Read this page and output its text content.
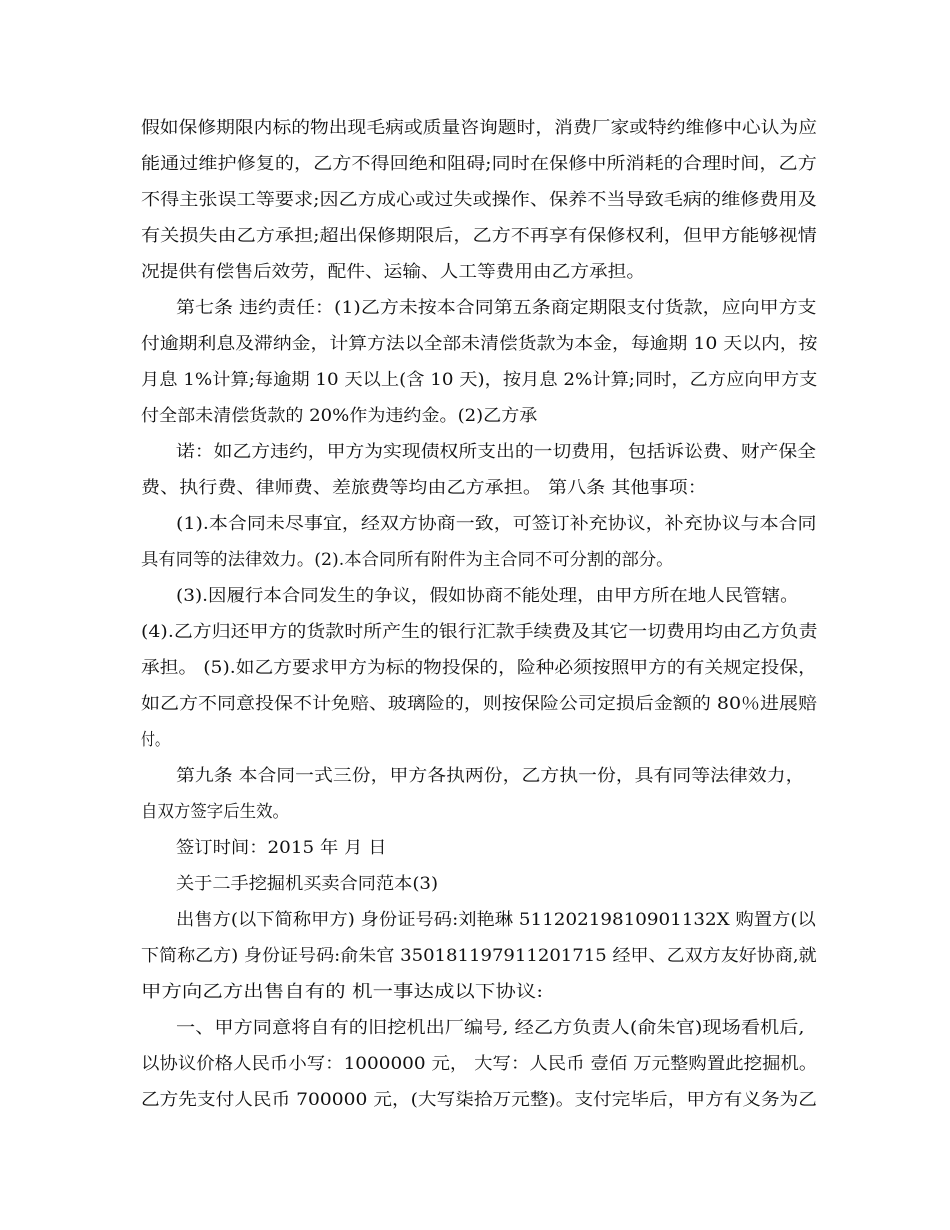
假如保修期限内标的物出现毛病或质量咨询题时，消费厂家或特约维修中心认为应
能通过维护修复的，乙方不得回绝和阻碍;同时在保修中所消耗的合理时间，乙方
不得主张误工等要求;因乙方成心或过失或操作、保养不当导致毛病的维修费用及
有关损失由乙方承担;超出保修期限后，乙方不再享有保修权利，但甲方能够视情
况提供有偿售后效劳，配件、运输、人工等费用由乙方承担。
第七条 违约责任：(1)乙方未按本合同第五条商定期限支付货款，应向甲方支
付逾期利息及滞纳金，计算方法以全部未清偿货款为本金，每逾期 10 天以内，按
月息 1%计算;每逾期 10 天以上(含 10 天)，按月息 2%计算;同时，乙方应向甲方支
付全部未清偿货款的 20%作为违约金。(2)乙方承
诺：如乙方违约，甲方为实现债权所支出的一切费用，包括诉讼费、财产保全
费、执行费、律师费、差旅费等均由乙方承担。 第八条 其他事项：
(1).本合同未尽事宜，经双方协商一致，可签订补充协议，补充协议与本合同
具有同等的法律效力。(2).本合同所有附件为主合同不可分割的部分。
(3).因履行本合同发生的争议，假如协商不能处理，由甲方所在地人民管辖。
(4).乙方归还甲方的货款时所产生的银行汇款手续费及其它一切费用均由乙方负责
承担。 (5).如乙方要求甲方为标的物投保的，险种必须按照甲方的有关规定投保，
如乙方不同意投保不计免赔、玻璃险的，则按保险公司定损后金额的 80％进展赔
付。
第九条 本合同一式三份，甲方各执两份，乙方执一份，具有同等法律效力，
自双方签字后生效。
签订时间：2015 年 月 日
关于二手挖掘机买卖合同范本(3)
出售方(以下简称甲方) 身份证号码:刘艳琳 51120219810901132X 购置方(以
下简称乙方) 身份证号码:俞朱官 350181197911201715 经甲、乙双方友好协商,就
甲方向乙方出售自有的 机一事达成以下协议:
一、甲方同意将自有的旧挖机出厂编号, 经乙方负责人(俞朱官)现场看机后,
以协议价格人民币小写：1000000 元， 大写：人民币 壹佰 万元整购置此挖掘机。
乙方先支付人民币 700000 元，(大写柒拾万元整)。支付完毕后，甲方有义务为乙
